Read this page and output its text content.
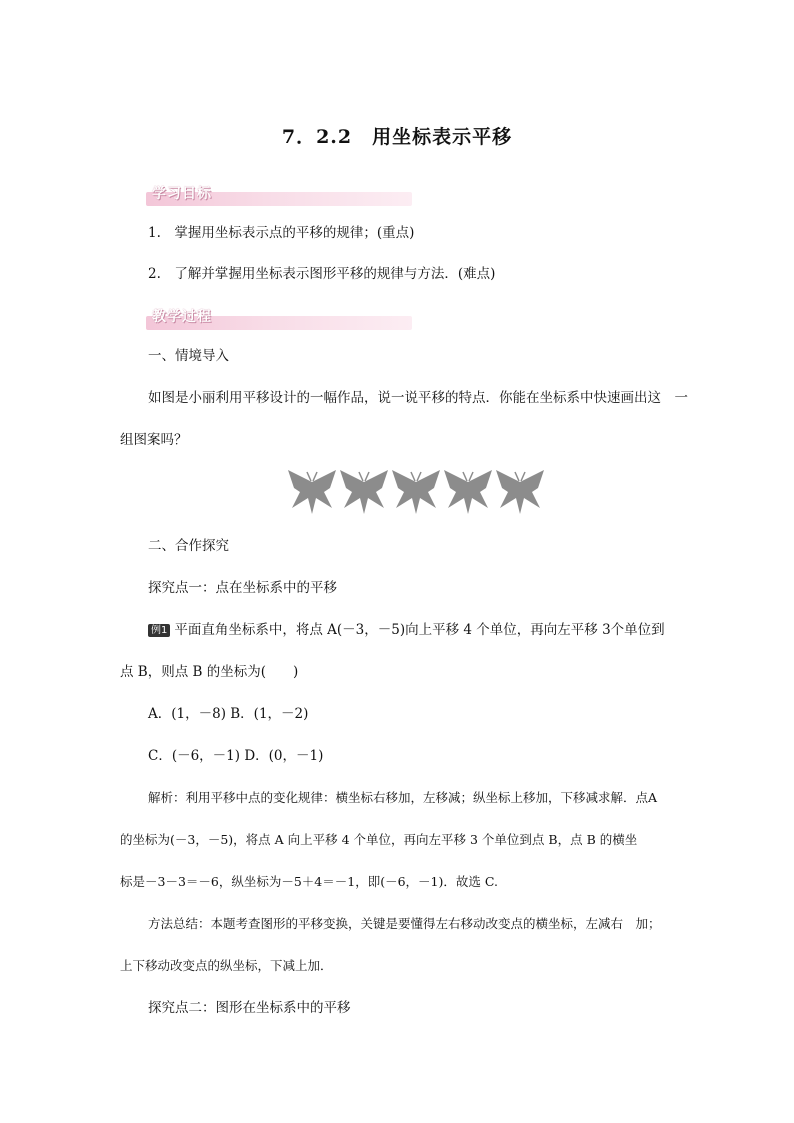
7．2.2　用坐标表示平移
学习目标
1.　掌握用坐标表示点的平移的规律；(重点)
2.　了解并掌握用坐标表示图形平移的规律与方法．(难点)
教学过程
一、情境导入
如图是小丽利用平移设计的一幅作品，说一说平移的特点．你能在坐标系中快速画出这　一
组图案吗？
二、合作探究
探究点一：点在坐标系中的平移
例1 平面直角坐标系中，将点 A(－3，－5)向上平移 4 个单位，再向左平移 3个单位到
点 B，则点 B 的坐标为(　　)
A．(1，－8) B．(1，－2)
C．(－6，－1) D．(0，－1)
解析：利用平移中点的变化规律：横坐标右移加，左移减；纵坐标上移加，下移减求解．点A
的坐标为(－3，－5)，将点 A 向上平移 4 个单位，再向左平移 3 个单位到点 B，点 B 的横坐
标是－3－3＝－6，纵坐标为－5＋4＝－1，即(－6，－1)．故选 C.
方法总结：本题考查图形的平移变换，关键是要懂得左右移动改变点的横坐标，左减右　加；
上下移动改变点的纵坐标，下减上加．
探究点二：图形在坐标系中的平移
